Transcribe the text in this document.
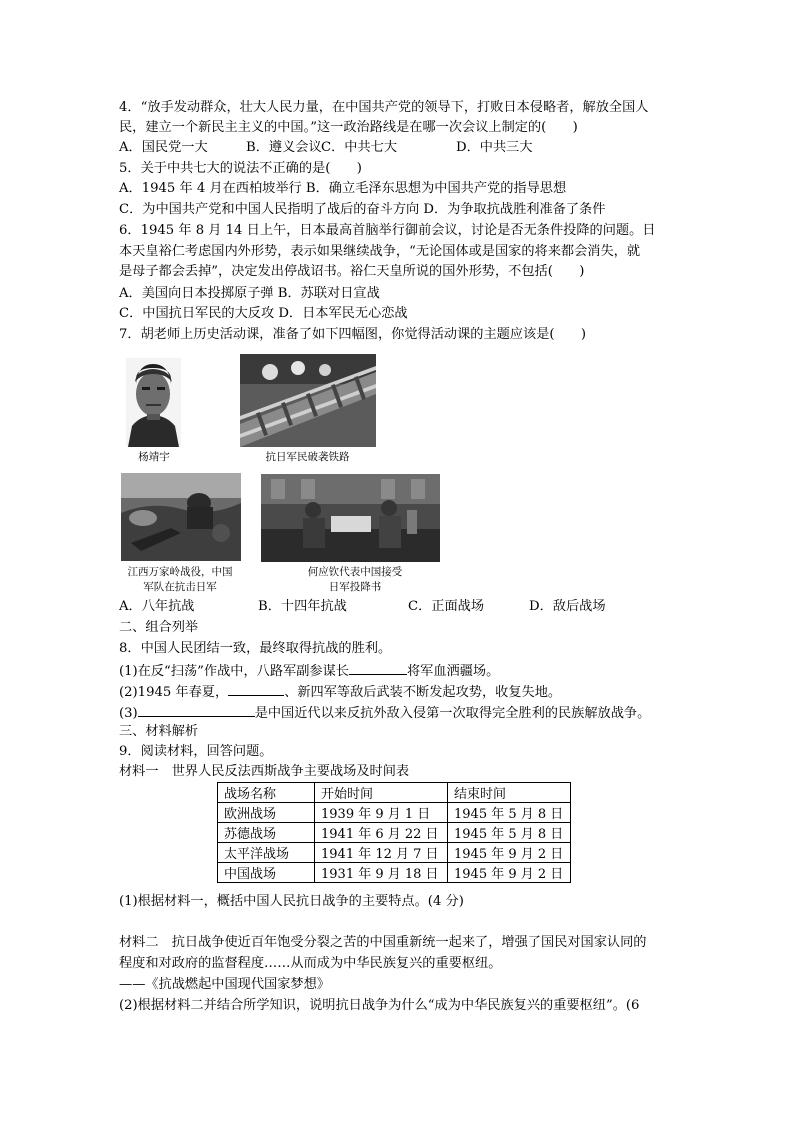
4．“放手发动群众，壮大人民力量，在中国共产党的领导下，打败日本侵略者，解放全国人
民，建立一个新民主主义的中国。”这一政治路线是在哪一次会议上制定的(　　)
A．国民党一大	B．遵义会议C．中共七大	D．中共三大
5．关于中共七大的说法不正确的是(　　)
A．1945 年 4 月在西柏坡举行 B．确立毛泽东思想为中国共产党的指导思想
C．为中国共产党和中国人民指明了战后的奋斗方向 D．为争取抗战胜利准备了条件
6．1945 年 8 月 14 日上午，日本最高首脑举行御前会议，讨论是否无条件投降的问题。日
本天皇裕仁考虑国内外形势，表示如果继续战争，“无论国体或是国家的将来都会消失，就
是母子都会丢掉”，决定发出停战诏书。裕仁天皇所说的国外形势，不包括(　　)
A．美国向日本投掷原子弹 B．苏联对日宣战
C．中国抗日军民的大反攻 D．日本军民无心恋战
7．胡老师上历史活动课，准备了如下四幅图，你觉得活动课的主题应该是(　　)
杨靖宇	抗日军民破袭铁路
江西万家岭战役，中国
军队在抗击日军
何应钦代表中国接受
日军投降书
A．八年抗战	B．十四年抗战	C．正面战场	D．敌后战场
二、组合列举
8．中国人民团结一致，最终取得抗战的胜利。
(1)在反“扫荡”作战中，八路军副参谋长	将军血洒疆场。
(2)1945 年春夏，	、新四军等敌后武装不断发起攻势，收复失地。
(3)	是中国近代以来反抗外敌入侵第一次取得完全胜利的民族解放战争。
三、材料解析
9．阅读材料，回答问题。
材料一　世界人民反法西斯战争主要战场及时间表
战场名称	开始时间	结束时间
欧洲战场	1939 年 9 月 1 日	1945 年 5 月 8 日
苏德战场	1941 年 6 月 22 日	1945 年 5 月 8 日
太平洋战场	1941 年 12 月 7 日	1945 年 9 月 2 日
中国战场	1931 年 9 月 18 日	1945 年 9 月 2 日
(1)根据材料一，概括中国人民抗日战争的主要特点。(4 分)
材料二　抗日战争使近百年饱受分裂之苦的中国重新统一起来了，增强了国民对国家认同的
程度和对政府的监督程度……从而成为中华民族复兴的重要枢纽。
——《抗战燃起中国现代国家梦想》
(2)根据材料二并结合所学知识，说明抗日战争为什么“成为中华民族复兴的重要枢纽”。(6
